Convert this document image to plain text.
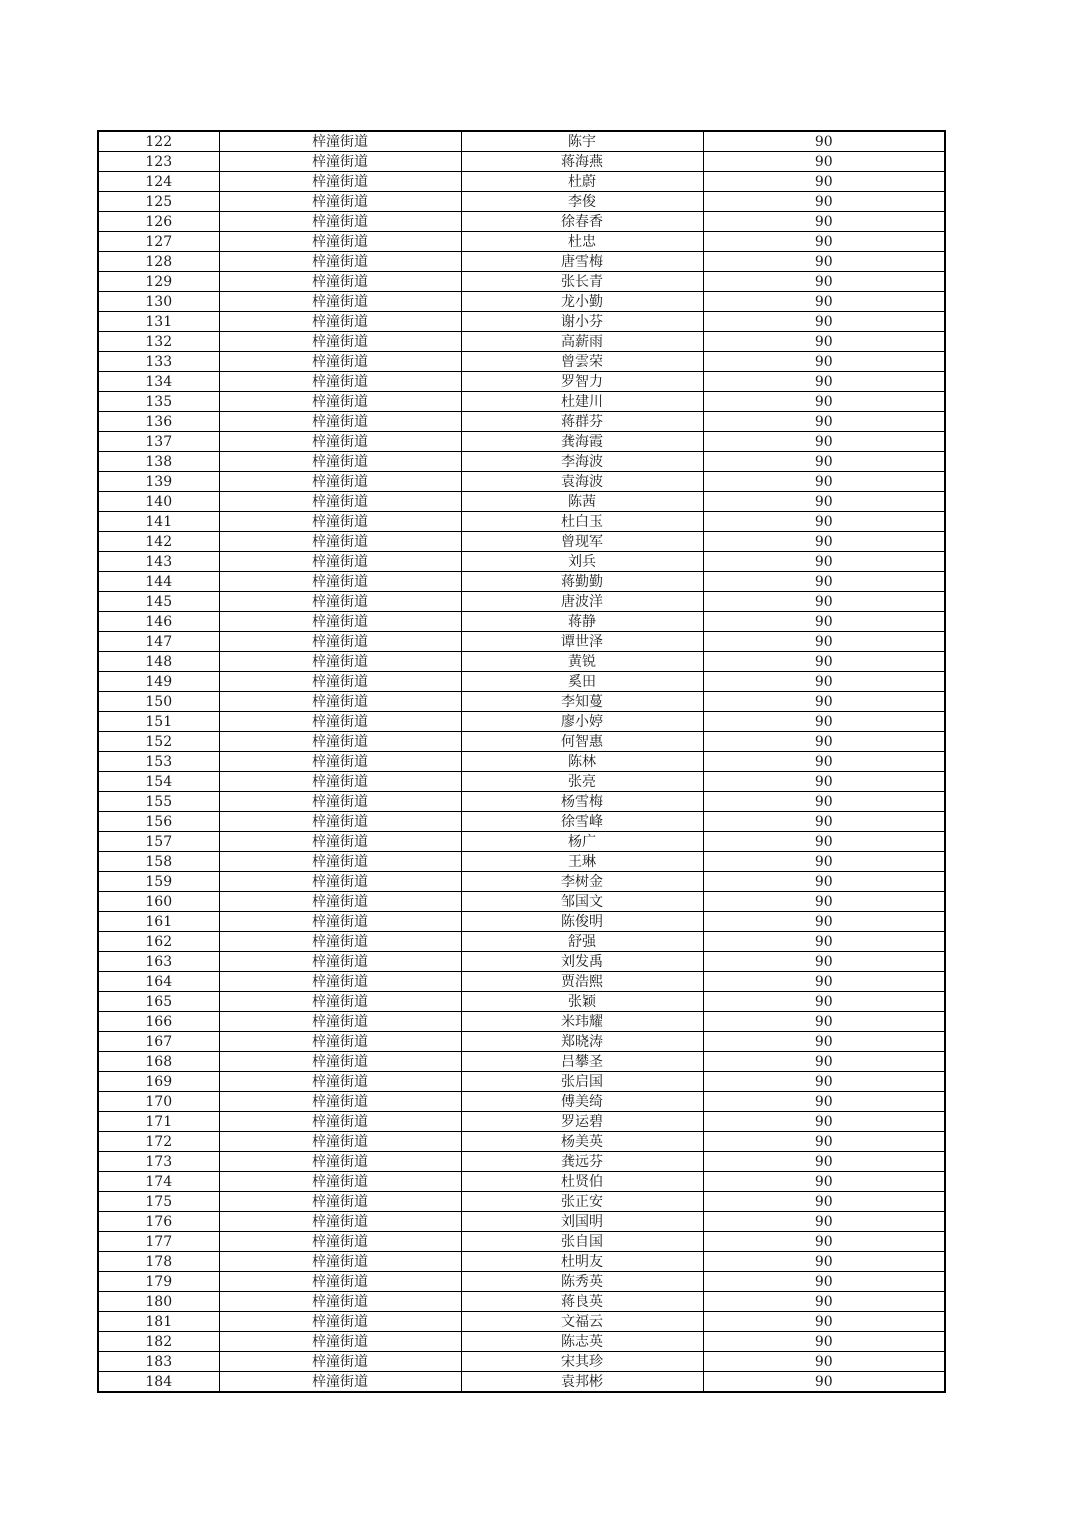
122	梓潼街道	陈宇	90
123	梓潼街道	蒋海燕	90
124	梓潼街道	杜蔚	90
125	梓潼街道	李俊	90
126	梓潼街道	徐春香	90
127	梓潼街道	杜忠	90
128	梓潼街道	唐雪梅	90
129	梓潼街道	张长青	90
130	梓潼街道	龙小勤	90
131	梓潼街道	谢小芬	90
132	梓潼街道	高薪雨	90
133	梓潼街道	曾雲荣	90
134	梓潼街道	罗智力	90
135	梓潼街道	杜建川	90
136	梓潼街道	蒋群芬	90
137	梓潼街道	龚海霞	90
138	梓潼街道	李海波	90
139	梓潼街道	袁海波	90
140	梓潼街道	陈茜	90
141	梓潼街道	杜白玉	90
142	梓潼街道	曾现军	90
143	梓潼街道	刘兵	90
144	梓潼街道	蒋勤勤	90
145	梓潼街道	唐波洋	90
146	梓潼街道	蒋静	90
147	梓潼街道	谭世泽	90
148	梓潼街道	黄锐	90
149	梓潼街道	奚田	90
150	梓潼街道	李知蔓	90
151	梓潼街道	廖小婷	90
152	梓潼街道	何智惠	90
153	梓潼街道	陈林	90
154	梓潼街道	张亮	90
155	梓潼街道	杨雪梅	90
156	梓潼街道	徐雪峰	90
157	梓潼街道	杨广	90
158	梓潼街道	王琳	90
159	梓潼街道	李树金	90
160	梓潼街道	邹国文	90
161	梓潼街道	陈俊明	90
162	梓潼街道	舒强	90
163	梓潼街道	刘发禹	90
164	梓潼街道	贾浩熙	90
165	梓潼街道	张颖	90
166	梓潼街道	米玮耀	90
167	梓潼街道	郑晓涛	90
168	梓潼街道	吕攀圣	90
169	梓潼街道	张启国	90
170	梓潼街道	傅美绮	90
171	梓潼街道	罗运碧	90
172	梓潼街道	杨美英	90
173	梓潼街道	龚远芬	90
174	梓潼街道	杜贤伯	90
175	梓潼街道	张正安	90
176	梓潼街道	刘国明	90
177	梓潼街道	张自国	90
178	梓潼街道	杜明友	90
179	梓潼街道	陈秀英	90
180	梓潼街道	蒋良英	90
181	梓潼街道	文福云	90
182	梓潼街道	陈志英	90
183	梓潼街道	宋其珍	90
184	梓潼街道	袁邦彬	90
